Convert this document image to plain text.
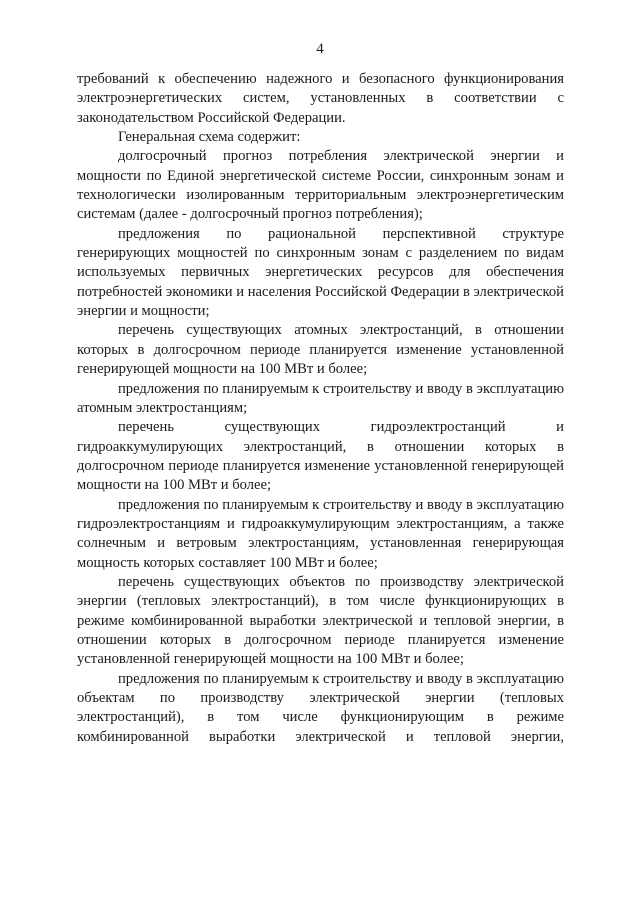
4

требований к обеспечению надежного и безопасного функционирования электроэнергетических систем, установленных в соответствии с законодательством Российской Федерации.

Генеральная схема содержит:

долгосрочный прогноз потребления электрической энергии и мощности по Единой энергетической системе России, синхронным зонам и технологически изолированным территориальным электроэнергетическим системам (далее - долгосрочный прогноз потребления);

предложения по рациональной перспективной структуре генерирующих мощностей по синхронным зонам с разделением по видам используемых первичных энергетических ресурсов для обеспечения потребностей экономики и населения Российской Федерации в электрической энергии и мощности;

перечень существующих атомных электростанций, в отношении которых в долгосрочном периоде планируется изменение установленной генерирующей мощности на 100 МВт и более;

предложения по планируемым к строительству и вводу в эксплуатацию атомным электростанциям;

перечень существующих гидроэлектростанций и гидроаккумулирующих электростанций, в отношении которых в долгосрочном периоде планируется изменение установленной генерирующей мощности на 100 МВт и более;

предложения по планируемым к строительству и вводу в эксплуатацию гидроэлектростанциям и гидроаккумулирующим электростанциям, а также солнечным и ветровым электростанциям, установленная генерирующая мощность которых составляет 100 МВт и более;

перечень существующих объектов по производству электрической энергии (тепловых электростанций), в том числе функционирующих в режиме комбинированной выработки электрической и тепловой энергии, в отношении которых в долгосрочном периоде планируется изменение установленной генерирующей мощности на 100 МВт и более;

предложения по планируемым к строительству и вводу в эксплуатацию объектам по производству электрической энергии (тепловых электростанций), в том числе функционирующим в режиме комбинированной выработки электрической и тепловой энергии,
